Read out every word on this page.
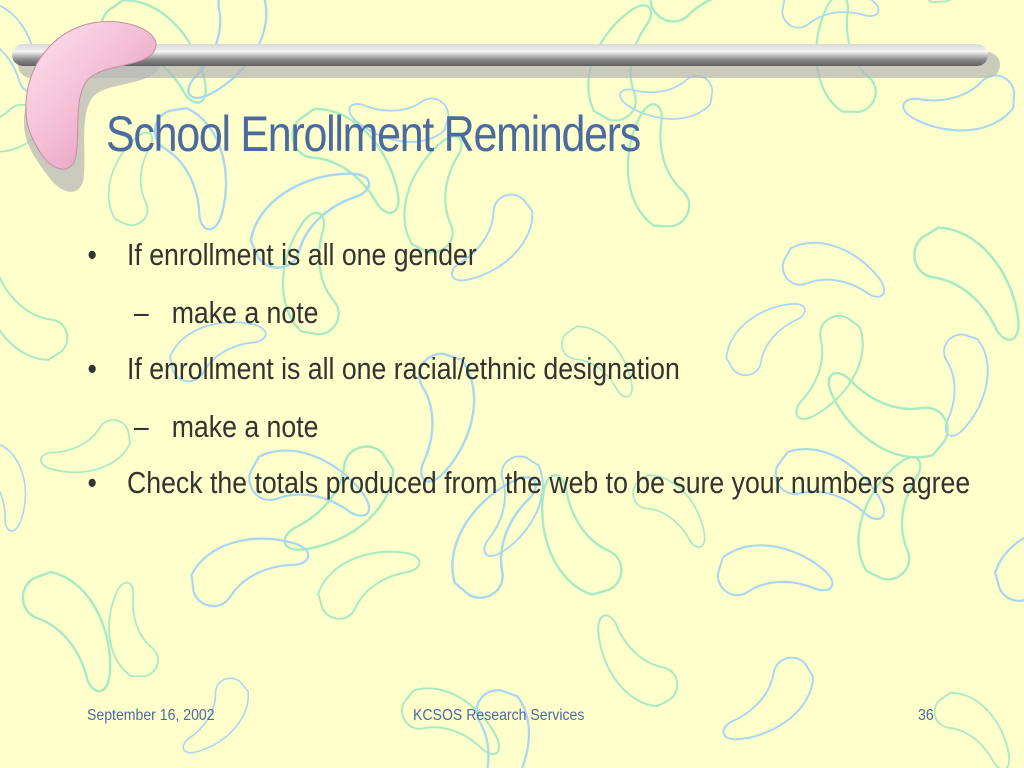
School Enrollment Reminders
• If enrollment is all one gender
– make a note
• If enrollment is all one racial/ethnic designation
– make a note
• Check the totals produced from the web to be sure your numbers agree
September 16, 2002	KCSOS Research Services	36
